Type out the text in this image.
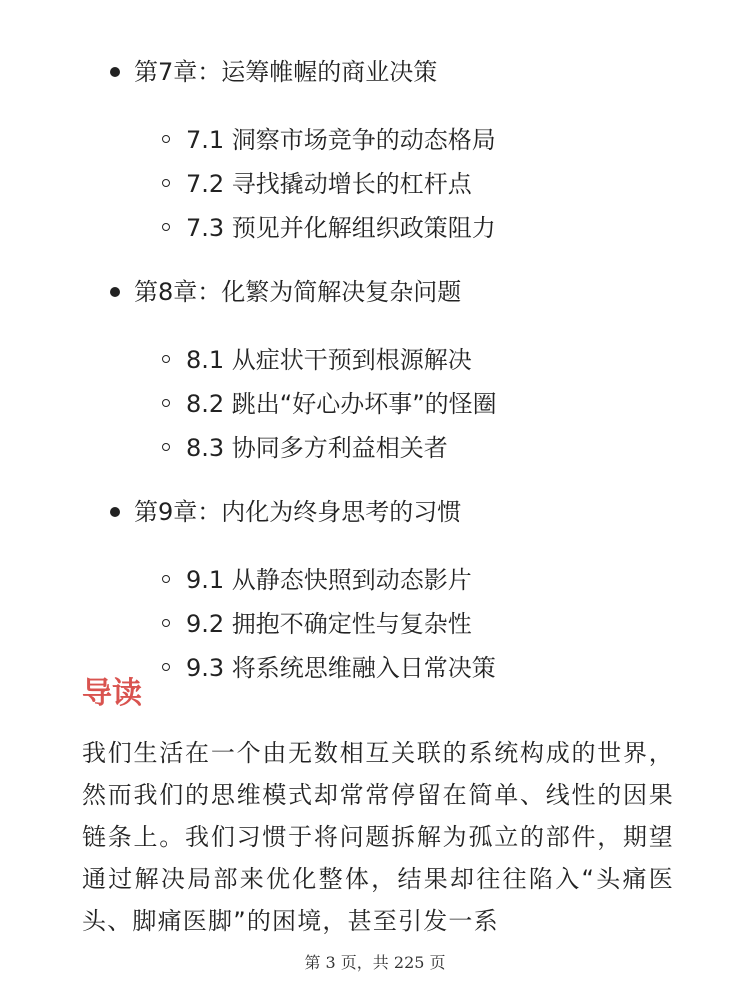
第7章：运筹帷幄的商业决策
7.1 洞察市场竞争的动态格局
7.2 寻找撬动增长的杠杆点
7.3 预见并化解组织政策阻力
第8章：化繁为简解决复杂问题
8.1 从症状干预到根源解决
8.2 跳出“好心办坏事”的怪圈
8.3 协同多方利益相关者
第9章：内化为终身思考的习惯
9.1 从静态快照到动态影片
9.2 拥抱不确定性与复杂性
9.3 将系统思维融入日常决策
导读

我们生活在一个由无数相互关联的系统构成的世界，然而我们的思维模式却常常停留在简单、线性的因果链条上。我们习惯于将问题拆解为孤立的部件，期望通过解决局部来优化整体，结果却往往陷入“头痛医头、脚痛医脚”的困境，甚至引发一系

第 3 页，共 225 页
